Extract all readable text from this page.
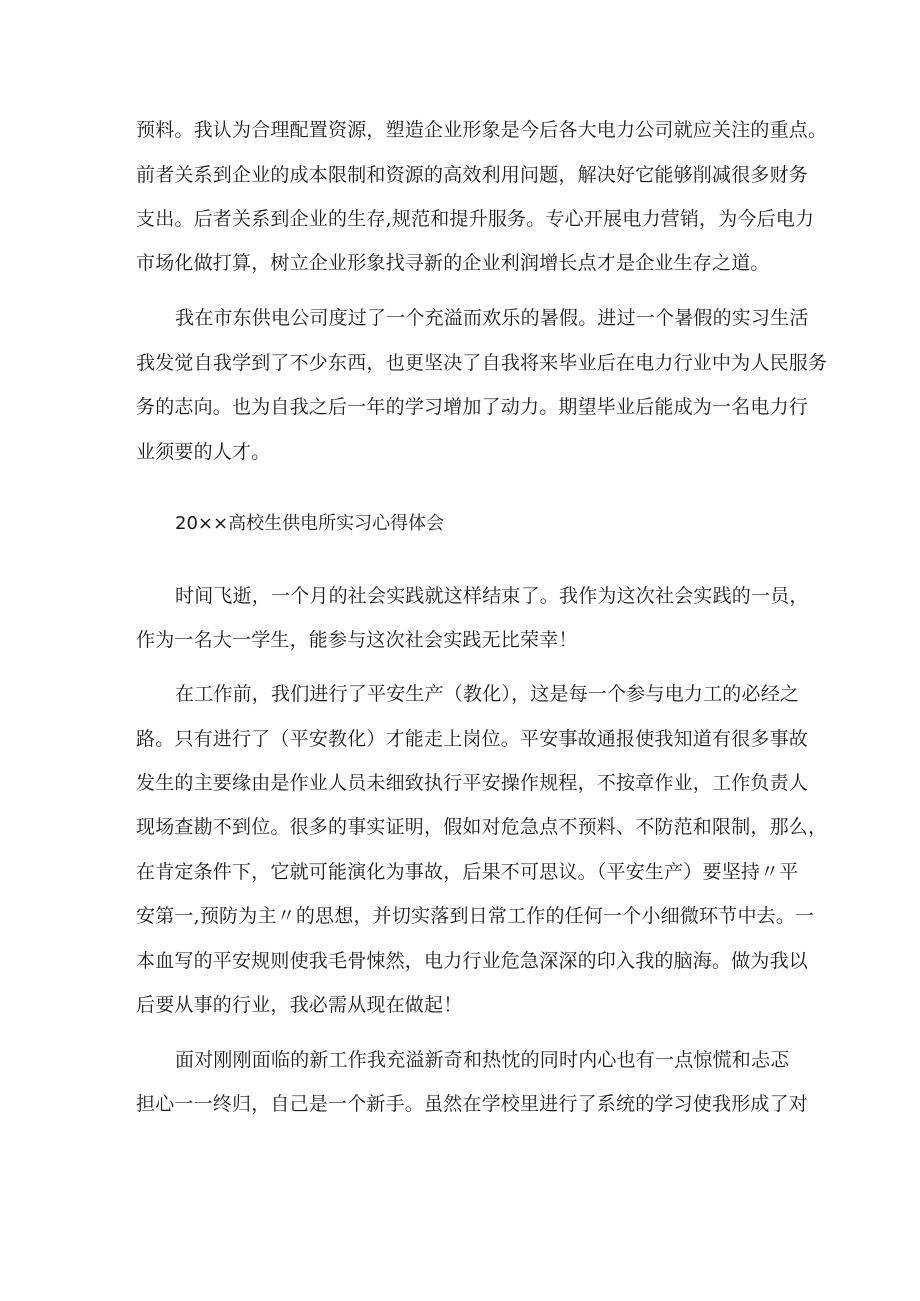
预料。我认为合理配置资源，塑造企业形象是今后各大电力公司就应关注的重点。

前者关系到企业的成本限制和资源的高效利用问题，解决好它能够削减很多财务

支出。后者关系到企业的生存,规范和提升服务。专心开展电力营销，为今后电力

市场化做打算，树立企业形象找寻新的企业利润增长点才是企业生存之道。

我在市东供电公司度过了一个充溢而欢乐的暑假。进过一个暑假的实习生活

我发觉自我学到了不少东西，也更坚决了自我将来毕业后在电力行业中为人民服务

务的志向。也为自我之后一年的学习增加了动力。期望毕业后能成为一名电力行

业须要的人才。

20××高校生供电所实习心得体会

时间飞逝，一个月的社会实践就这样结束了。我作为这次社会实践的一员，

作为一名大一学生，能参与这次社会实践无比荣幸！

在工作前，我们进行了平安生产（教化），这是每一个参与电力工的必经之

路。只有进行了（平安教化）才能走上岗位。平安事故通报使我知道有很多事故

发生的主要缘由是作业人员未细致执行平安操作规程，不按章作业，工作负责人

现场查勘不到位。很多的事实证明，假如对危急点不预料、不防范和限制，那么，

在肯定条件下，它就可能演化为事故，后果不可思议。（平安生产）要坚持〃平

安第一,预防为主〃的思想，并切实落到日常工作的任何一个小细微环节中去。一

本血写的平安规则使我毛骨悚然，电力行业危急深深的印入我的脑海。做为我以

后要从事的行业，我必需从现在做起！

面对刚刚面临的新工作我充溢新奇和热忱的同时内心也有一点惊慌和忐忑

担心一一终归，自己是一个新手。虽然在学校里进行了系统的学习使我形成了对
